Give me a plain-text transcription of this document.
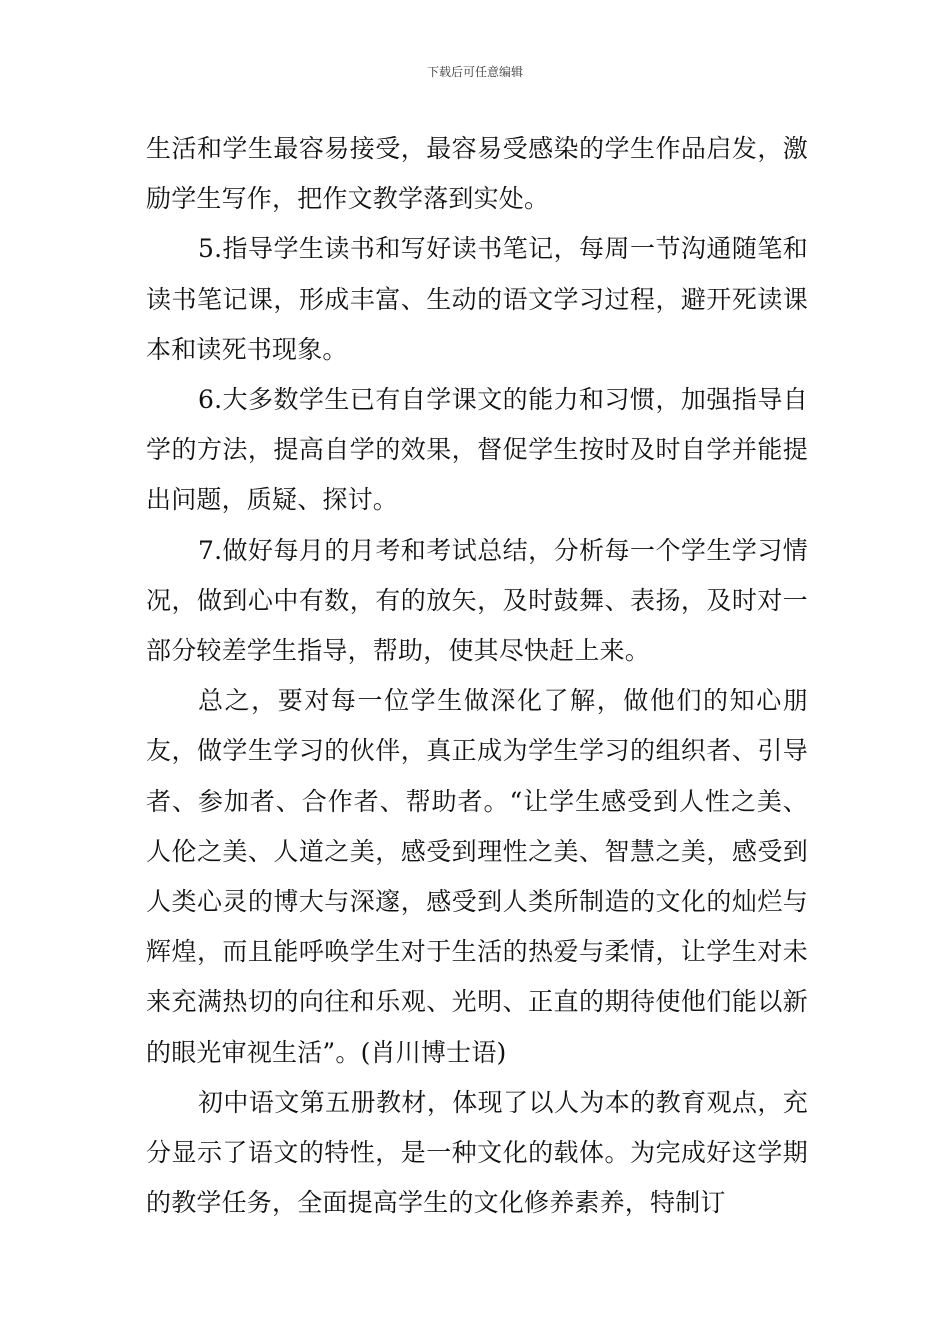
下载后可任意编辑

生活和学生最容易接受，最容易受感染的学生作品启发，激励学生写作，把作文教学落到实处。

5.指导学生读书和写好读书笔记，每周一节沟通随笔和读书笔记课，形成丰富、生动的语文学习过程，避开死读课本和读死书现象。

6.大多数学生已有自学课文的能力和习惯，加强指导自学的方法，提高自学的效果，督促学生按时及时自学并能提出问题，质疑、探讨。

7.做好每月的月考和考试总结，分析每一个学生学习情况，做到心中有数，有的放矢，及时鼓舞、表扬，及时对一部分较差学生指导，帮助，使其尽快赶上来。

总之，要对每一位学生做深化了解，做他们的知心朋友，做学生学习的伙伴，真正成为学生学习的组织者、引导者、参加者、合作者、帮助者。“让学生感受到人性之美、人伦之美、人道之美，感受到理性之美、智慧之美，感受到人类心灵的博大与深邃，感受到人类所制造的文化的灿烂与辉煌，而且能呼唤学生对于生活的热爱与柔情，让学生对未来充满热切的向往和乐观、光明、正直的期待使他们能以新的眼光审视生活”。(肖川博士语)

初中语文第五册教材，体现了以人为本的教育观点，充分显示了语文的特性，是一种文化的载体。为完成好这学期的教学任务，全面提高学生的文化修养素养，特制订
